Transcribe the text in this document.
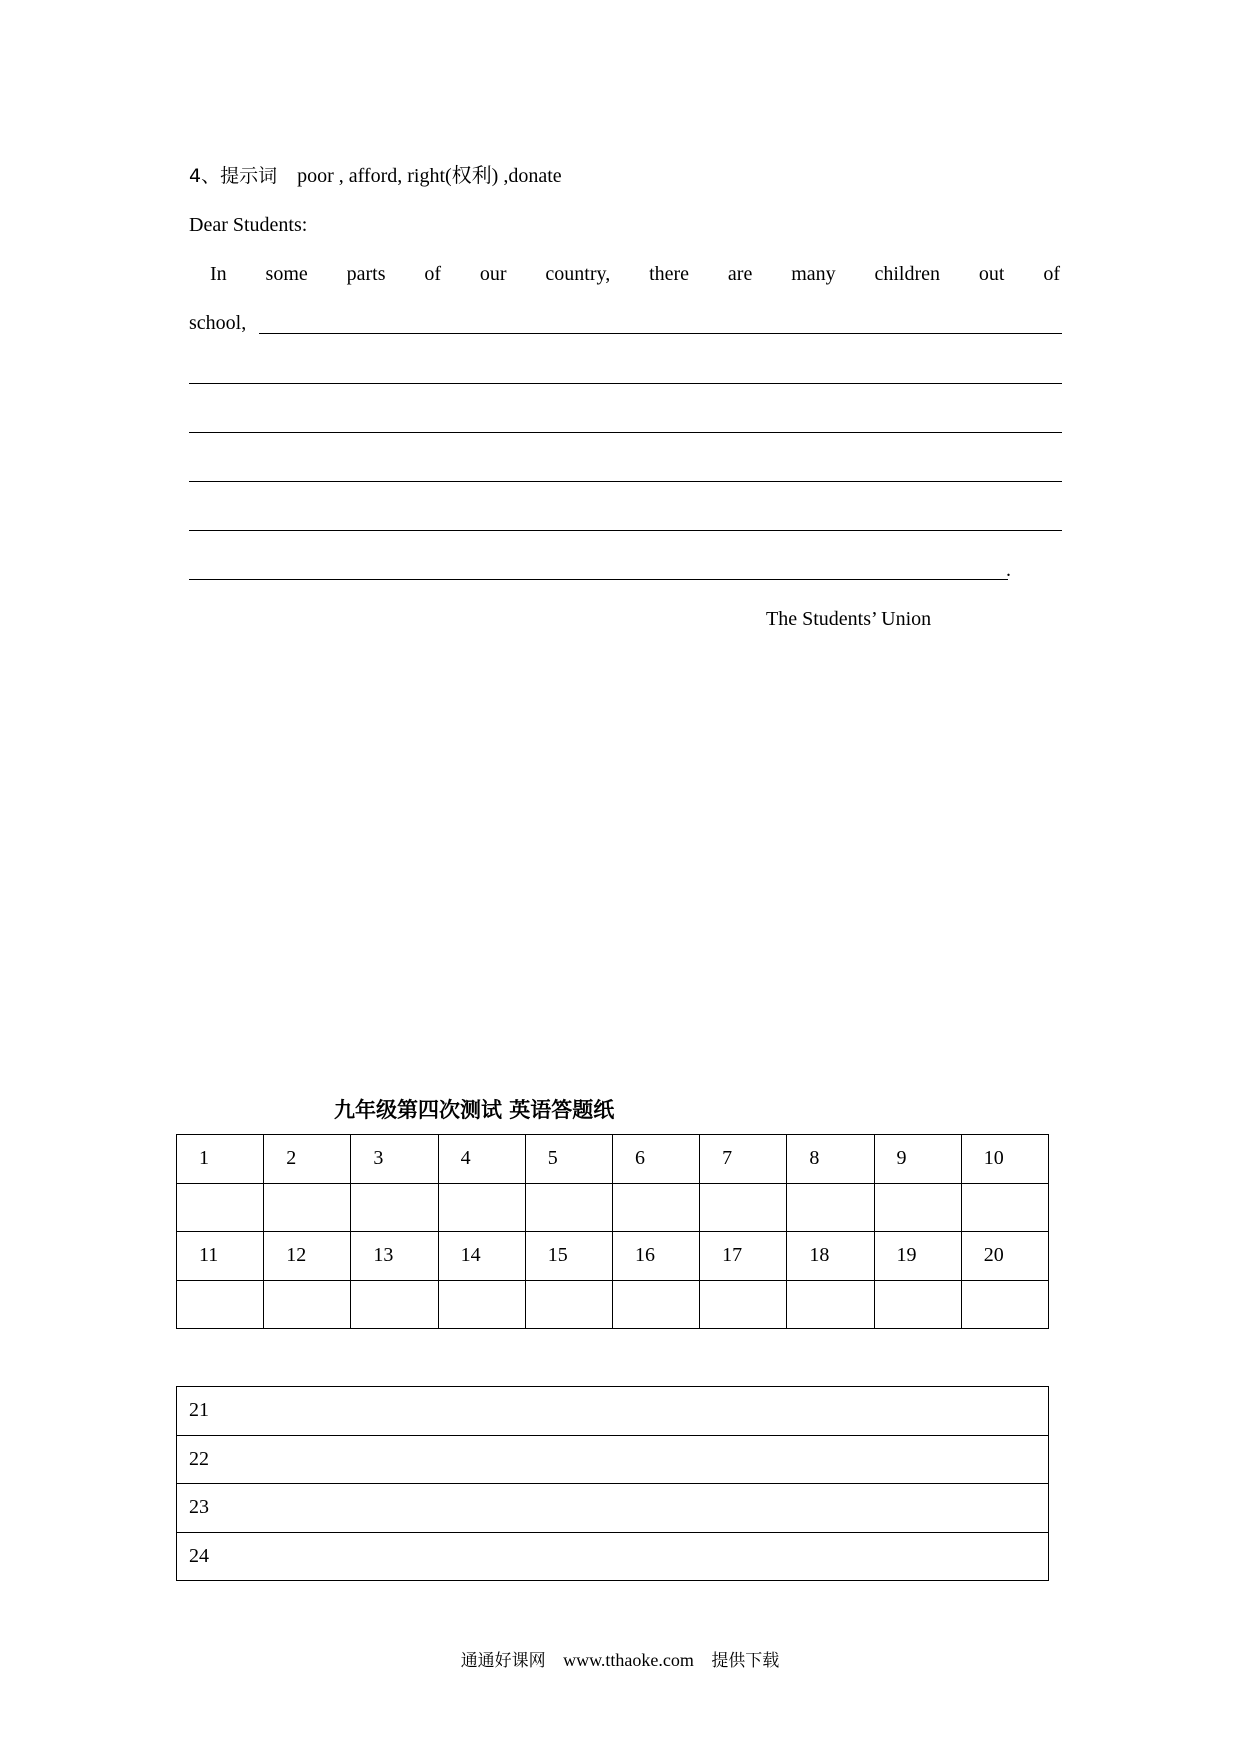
4、提示词 poor , afford, right(权利) ,donate
Dear Students:
In some parts of our country, there are many children out of
school,
.
The Students’ Union
九年级第四次测试 英语答题纸
1	2	3	4	5	6	7	8	9	10

11	12	13	14	15	16	17	18	19	20

21
22
23
24
通通好课网 www.tthaoke.com 提供下载
